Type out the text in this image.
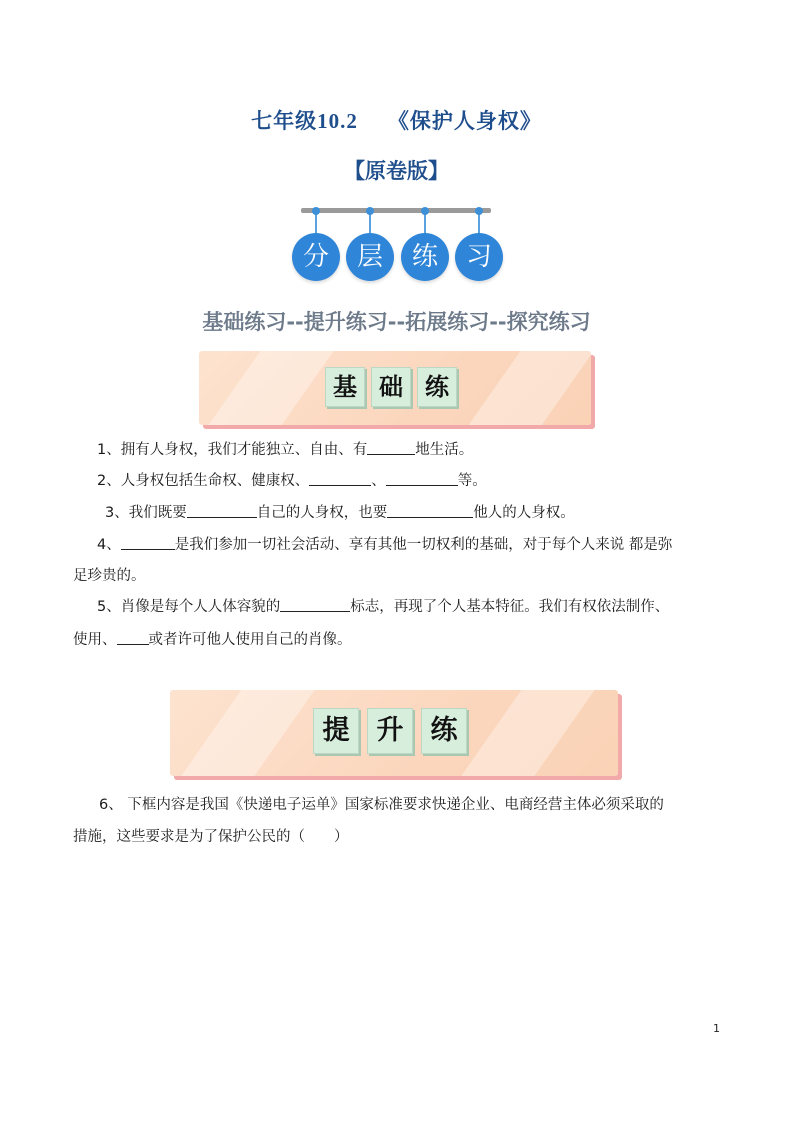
七年级10.2 《保护人身权》
【原卷版】
分	层	练	习
基础练习--提升练习--拓展练习--探究练习
基 础 练
1、拥有人身权，我们才能独立、自由、有	地生活。
2、人身权包括生命权、健康权、	、	等。
3、我们既要	自己的人身权，也要	他人的人身权。
4、	是我们参加一切社会活动、享有其他一切权利的基础，对于每个人来说 都是弥
足珍贵的。
5、肖像是每个人人体容貌的	标志，再现了个人基本特征。我们有权依法制作、
使用、 或者许可他人使用自己的肖像。
提	升	练
6、 下框内容是我国《快递电子运单》国家标准要求快递企业、电商经营主体必须采取的
措施，这些要求是为了保护公民的（　　）
1
